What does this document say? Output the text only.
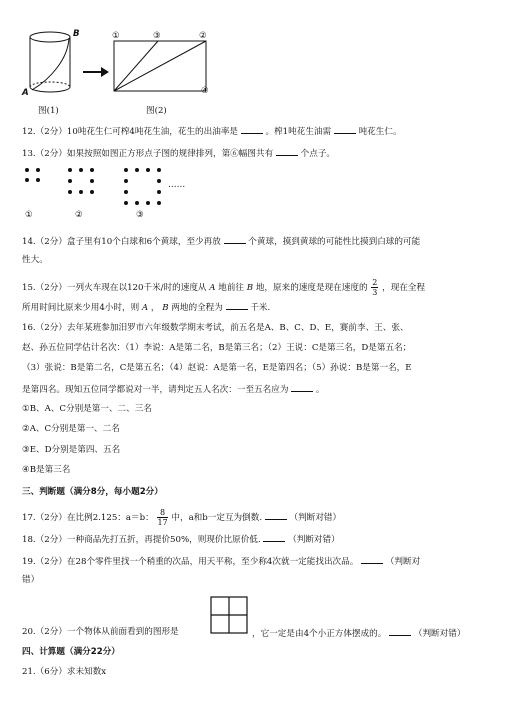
B
A
图(1)
①	③	②
④
图(2)
12.（2分）10吨花生仁可榨4吨花生油，花生的出油率是	。榨1吨花生油需	吨花生仁。
13.（2分）如果按照如图正方形点子图的规律排列，第⑥幅图共有	个点子。
……
①	②	③
14.（2分）盒子里有10个白球和6个黄球，至少再放	个黄球，摸到黄球的可能性比摸到白球的可能
性大。
15.（2分）一列火车现在以120千米/时的速度从 A 地前往 B 地，原来的速度是现在速度的 $\frac{2}{3}$ ，现在全程
所用时间比原来少用4小时，则 A ， B 两地的全程为	千米.
16.（2分）去年某班参加汨罗市六年级数学期末考试，前五名是A、B、C、D、E，赛前李、王、张、
赵、孙五位同学估计名次：（1）李说：A是第二名，B是第三名；（2）王说：C是第三名，D是第五名；
（3）张说：B是第二名，C是第五名；（4）赵说：A是第一名，E是第四名；（5）孙说：B是第一名，E
是第四名。现知五位同学都说对一半，请判定五人名次：一至五名应为	。
①B、A、C分别是第一、二、三名
②A、C分别是第一、二名
③E、D分别是第四、五名
④B是第三名
三、判断题（满分8分，每小题2分）
17.（2分）在比例2.125：a＝b： $\frac{8}{17}$ 中，a和b一定互为倒数.	（判断对错）
18.（2分）一种商品先打五折，再提价50%，则现价比原价低.	（判断对错）
19.（2分）在28个零件里找一个稍重的次品，用天平称，至少称4次就一定能找出次品。	（判断对
错）
20.（2分）一个物体从前面看到的图形是	，它一定是由4个小正方体摆成的。	（判断对错）
四、计算题（满分22分）
21.（6分）求未知数x
